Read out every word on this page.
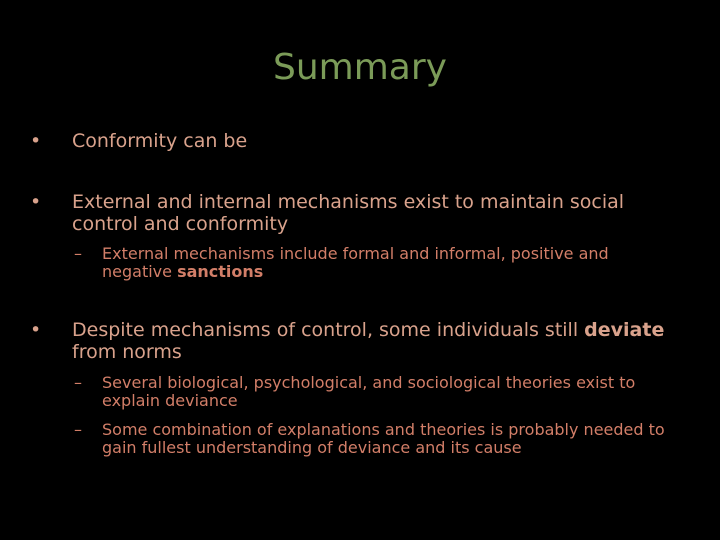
Summary
• Conformity can be
• External and internal mechanisms exist to maintain social control and conformity
– External mechanisms include formal and informal, positive and negative sanctions
• Despite mechanisms of control, some individuals still deviate from norms
– Several biological, psychological, and sociological theories exist to explain deviance
– Some combination of explanations and theories is probably needed to gain fullest understanding of deviance and its cause
